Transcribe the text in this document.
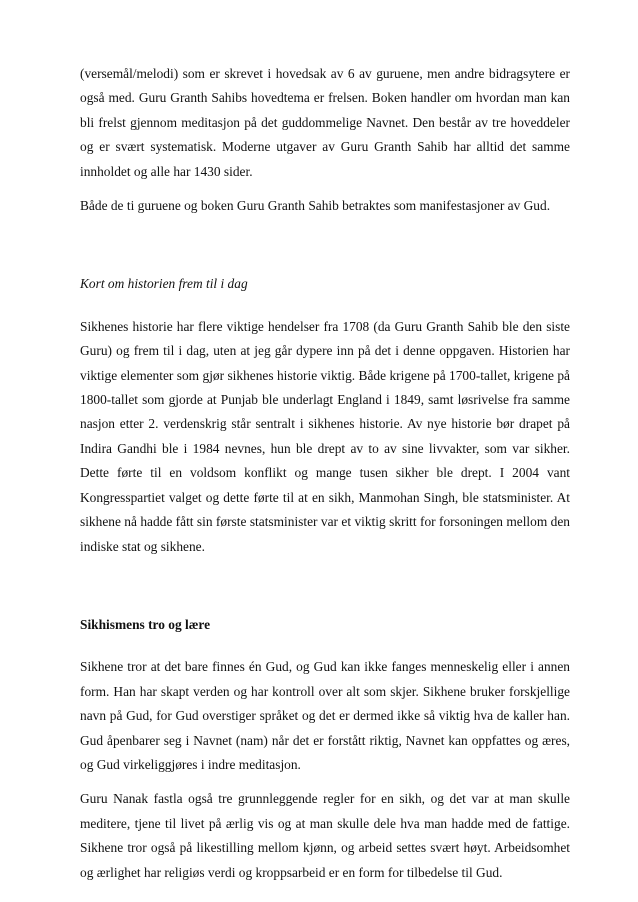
(versemål/melodi) som er skrevet i hovedsak av 6 av guruene, men andre bidragsytere er også med. Guru Granth Sahibs hovedtema er frelsen. Boken handler om hvordan man kan bli frelst gjennom meditasjon på det guddommelige Navnet. Den består av tre hoveddeler og er svært systematisk. Moderne utgaver av Guru Granth Sahib har alltid det samme innholdet og alle har 1430 sider.

Både de ti guruene og boken Guru Granth Sahib betraktes som manifestasjoner av Gud.

Kort om historien frem til i dag

Sikhenes historie har flere viktige hendelser fra 1708 (da Guru Granth Sahib ble den siste Guru) og frem til i dag, uten at jeg går dypere inn på det i denne oppgaven. Historien har viktige elementer som gjør sikhenes historie viktig. Både krigene på 1700-tallet, krigene på 1800-tallet som gjorde at Punjab ble underlagt England i 1849, samt løsrivelse fra samme nasjon etter 2. verdenskrig står sentralt i sikhenes historie. Av nye historie bør drapet på Indira Gandhi ble i 1984 nevnes, hun ble drept av to av sine livvakter, som var sikher. Dette førte til en voldsom konflikt og mange tusen sikher ble drept. I 2004 vant Kongresspartiet valget og dette førte til at en sikh, Manmohan Singh, ble statsminister. At sikhene nå hadde fått sin første statsminister var et viktig skritt for forsoningen mellom den indiske stat og sikhene.

Sikhismens tro og lære

Sikhene tror at det bare finnes én Gud, og Gud kan ikke fanges menneskelig eller i annen form. Han har skapt verden og har kontroll over alt som skjer. Sikhene bruker forskjellige navn på Gud, for Gud overstiger språket og det er dermed ikke så viktig hva de kaller han. Gud åpenbarer seg i Navnet (nam) når det er forstått riktig, Navnet kan oppfattes og æres, og Gud virkeliggjøres i indre meditasjon.

Guru Nanak fastla også tre grunnleggende regler for en sikh, og det var at man skulle meditere, tjene til livet på ærlig vis og at man skulle dele hva man hadde med de fattige. Sikhene tror også på likestilling mellom kjønn, og arbeid settes svært høyt. Arbeidsomhet og ærlighet har religiøs verdi og kroppsarbeid er en form for tilbedelse til Gud.
